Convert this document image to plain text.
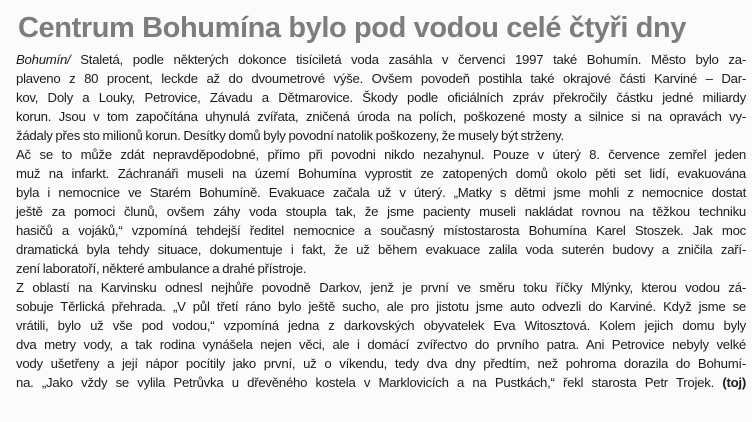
Centrum Bohumína bylo pod vodou celé čtyři dny
Bohumín/ Staletá, podle některých dokonce tisíciletá voda zasáhla v červenci 1997 také Bohumín. Město bylo za-
plaveno z 80 procent, leckde až do dvoumetrové výše. Ovšem povodeň postihla také okrajové části Karviné – Dar-
kov, Doly a Louky, Petrovice, Závadu a Dětmarovice. Škody podle oficiálních zpráv překročily částku jedné miliardy
korun. Jsou v tom započítána uhynulá zvířata, zničená úroda na polích, poškozené mosty a silnice si na opravách vy-
žádaly přes sto milionů korun. Desítky domů byly povodní natolik poškozeny, že musely být strženy.
Ač se to může zdát nepravděpodobné, přímo při povodni nikdo nezahynul. Pouze v úterý 8. července zemřel jeden
muž na infarkt. Záchranáři museli na území Bohumína vyprostit ze zatopených domů okolo pěti set lidí, evakuována
byla i nemocnice ve Starém Bohumíně. Evakuace začala už v úterý. „Matky s dětmi jsme mohli z nemocnice dostat
ještě za pomoci člunů, ovšem záhy voda stoupla tak, že jsme pacienty museli nakládat rovnou na těžkou techniku
hasičů a vojáků,“ vzpomíná tehdejší ředitel nemocnice a současný místostarosta Bohumína Karel Stoszek. Jak moc
dramatická byla tehdy situace, dokumentuje i fakt, že už během evakuace zalila voda suterén budovy a zničila zaří-
zení laboratoří, některé ambulance a drahé přístroje.
Z oblastí na Karvinsku odnesl nejhůře povodně Darkov, jenž je první ve směru toku říčky Mlýnky, kterou vodou zá-
sobuje Těrlická přehrada. „V půl třetí ráno bylo ještě sucho, ale pro jistotu jsme auto odvezli do Karviné. Když jsme se
vrátili, bylo už vše pod vodou,“ vzpomíná jedna z darkovských obyvatelek Eva Witosztová. Kolem jejich domu byly
dva metry vody, a tak rodina vynášela nejen věci, ale i domácí zvířectvo do prvního patra. Ani Petrovice nebyly velké
vody ušetřeny a její nápor pocítily jako první, už o víkendu, tedy dva dny předtím, než pohroma dorazila do Bohumí-
na. „Jako vždy se vylila Petrůvka u dřevěného kostela v Marklovicích a na Pustkách,“ řekl starosta Petr Trojek. (toj)
